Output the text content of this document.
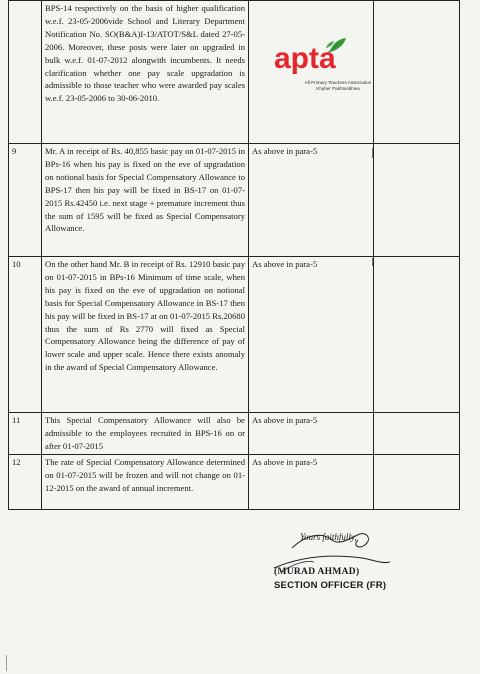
	BPS-14 respectively on the basis of higher qualification w.e.f. 23-05-2006vide School and Literary Department Notification No. SO(B&A)I-13/ATOT/S&L dated 27-05-2006. Moreover, these posts were later on upgraded in bulk w.e.f. 01-07-2012 alongwith incumbents. It needs clarification whether one pay scale upgradation is admissible to those teacher who were awarded pay scales w.e.f. 23-05-2006 to 30-06-2010.		
9	Mr. A in receipt of Rs. 40,855 basic pay on 01-07-2015 in BPs-16 when his pay is fixed on the eve of upgradation on notional basis for Special Compensatory Allowance to BPS-17 then his pay will be fixed in BS-17 on 01-07-2015 Rs.42450 i.e. next stage + premature increment thus the sum of 1595 will be fixed as Special Compensatory Allowance.	As above in para-5	
10	On the other hand Mr. B in receipt of Rs. 12910 basic pay on 01-07-2015 in BPs-16 Minimum of time scale, when his pay is fixed on the eve of upgradation on notional basis for Special Compensatory Allowance in BS-17 then his pay will be fixed in BS-17 at on 01-07-2015 Rs.20680 thus the sum of Rs 2770 will fixed as Special Compensatory Allowance being the difference of pay of lower scale and upper scale. Hence there exists anomaly in the award of Special Compensatory Allowance.	As above in para-5	
11	This Special Compensatory Allowance will also be admissible to the employees recruited in BPS-16 on or after 01-07-2015	As above in para-5	
12	The rate of Special Compensatory Allowance determined on 01-07-2015 will be frozen and will not change on 01-12-2015 on the award of annual increment.	As above in para-5	
apta
All Primary Teachers Association
Khyber Pakhtunkhwa
Yours faithfully,
(MURAD AHMAD)
SECTION OFFICER (FR)
